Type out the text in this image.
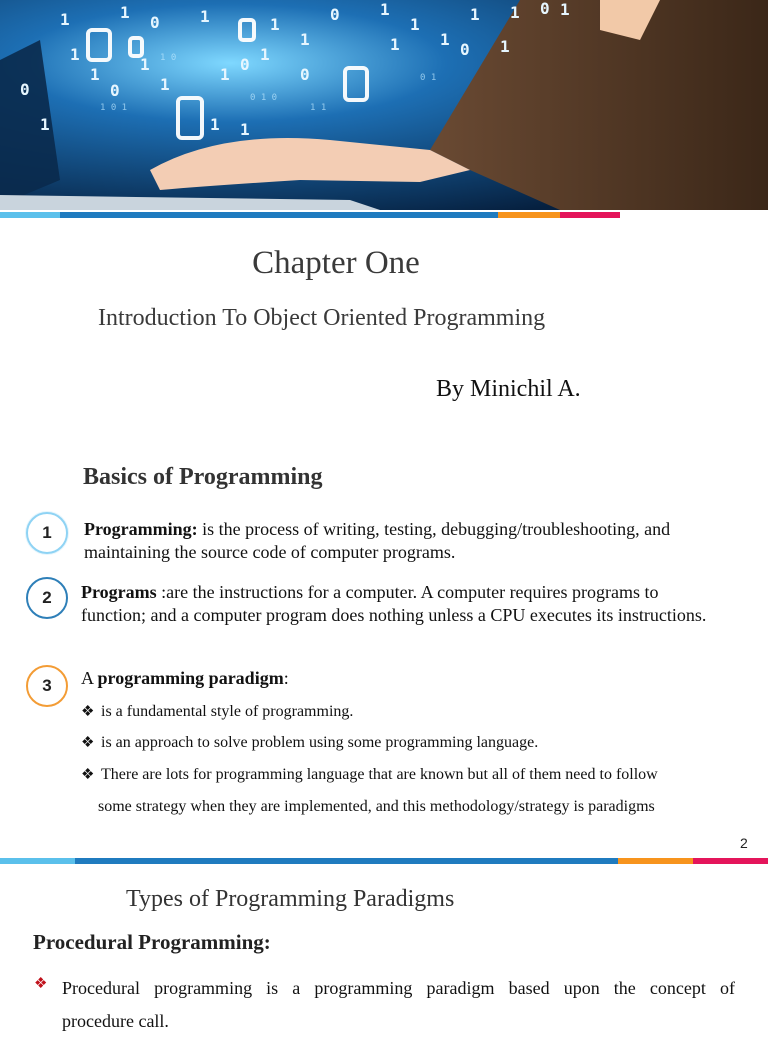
1	1
0	1	1
1
0	1
1
1
1 1 0 1
1
0
1
1
1
0
1
0
1	0 1
1
0
1	1 1
1 0 1
0 1 0
1 1
0 1
1 0
Chapter One
Introduction To Object Oriented Programming
By Minichil A.
Basics of Programming
1 Programming: is the process of writing, testing, debugging/troubleshooting, and maintaining the source code of computer programs.
2 Programs :are the instructions for a computer. A computer requires programs to function; and a computer program does nothing unless a CPU executes its instructions.
3 A programming paradigm:
❖ is a fundamental style of programming.
❖ is an approach to solve problem using some programming language.
❖ There are lots for programming language that are known but all of them need to follow
some strategy when they are implemented, and this methodology/strategy is paradigms
2
Types of Programming Paradigms
Procedural Programming:
❖ Procedural programming is a programming paradigm based upon the concept of
procedure call.
